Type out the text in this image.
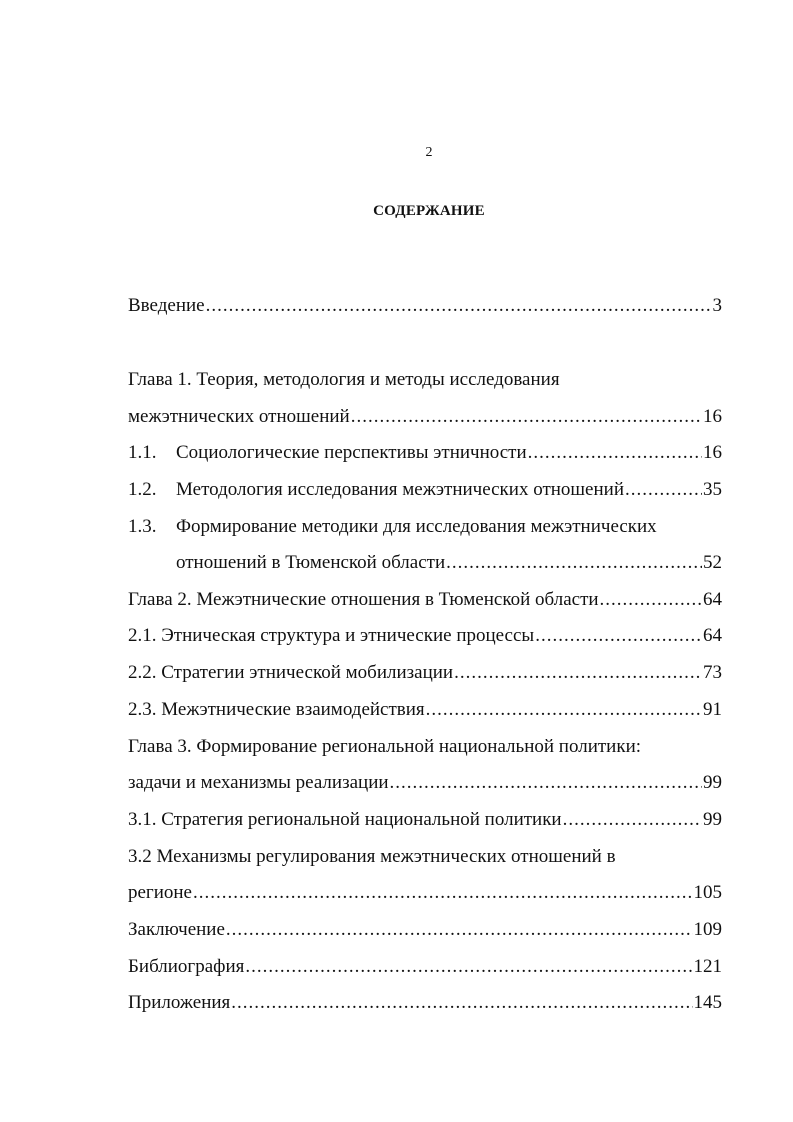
2
СОДЕРЖАНИЕ
Введение .....	3
Глава 1. Теория, методология и методы исследования
межэтнических отношений .....	16
1.1.	Социологические перспективы этничности .....	16
1.2.	Методология исследования межэтнических отношений .....	35
1.3. Формирование методики для исследования межэтнических
отношений в Тюменской области .....	52
Глава 2. Межэтнические отношения в Тюменской области .....	64
2.1. Этническая структура и этнические процессы .....	64
2.2. Стратегии этнической мобилизации .....	73
2.3. Межэтнические взаимодействия .....	91
Глава 3. Формирование региональной национальной политики:
задачи и механизмы реализации .....	99
3.1. Стратегия региональной национальной политики .....	99
3.2 Механизмы регулирования межэтнических отношений в
регионе .....	105
Заключение .....	109
Библиография .....	121
Приложения .....	145
